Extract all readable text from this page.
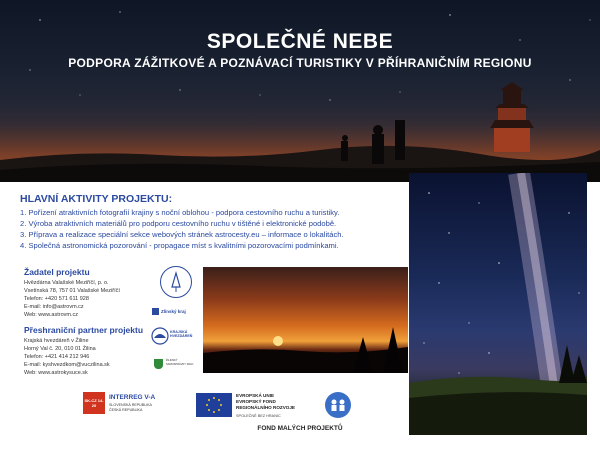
SPOLEČNÉ NEBE
PODPORA ZÁŽITKOVÉ A POZNÁVACÍ TURISTIKY V PŘÍHRANIČNÍM REGIONU
HLAVNÍ AKTIVITY PROJEKTU:
1. Pořízení atraktivních fotografií krajiny s noční oblohou - podpora cestovního ruchu a turistiky.
2. Výroba atraktivních materiálů pro podporu cestovního ruchu v tištěné i elektronické podobě.
3. Příprava a realizace speciální sekce webových stránek astrocesty.eu – informace o lokalitách.
4. Společná astronomická pozorování - propagace míst s kvalitními pozorovacími podmínkami.
Žadatel projektu
Hvězdárna Valašské Meziříčí, p. o.
Vsetínská 78, 757 01 Valašské Meziříčí
Telefon: +420 571 611 928
E-mail: info@astrovm.cz
Web: www.astrovm.cz
Zlínský kraj
Přeshraniční partner projektu
Krajská hvezdáreň v Žiline
Horný Val č. 20, 010 01 Žilina
Telefon: +421 414 212 946
E-mail: kyshvezdkom@vuczilina.sk
Web: www.astrokysuce.sk
KRAJSKÁ HVEZDÁREŇ
ŽILINSKÝ SAMOSPRÁVNY KRAJ
SK-CZ 14-20
INTERREG V-A
SLOVENSKÁ REPUBLIKA
ČESKÁ REPUBLIKA
EVROPSKÁ UNIE
EVROPSKÝ FOND
REGIONÁLNÍHO ROZVOJE
SPOLEČNĚ BEZ HRANIC
FOND MALÝCH PROJEKTŮ
